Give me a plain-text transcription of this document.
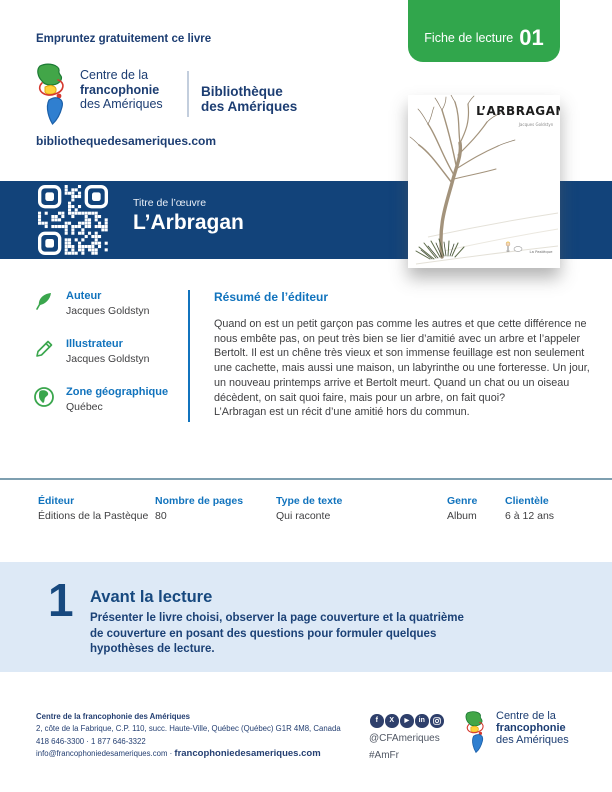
Empruntez gratuitement ce livre	Fiche de lecture 01
Centre de la
francophonie
des Amériques
Bibliothèque
des Amériques
bibliothequedesameriques.com
Titre de l’œuvre
L’Arbragan
L’ARBRAGAN
Jacques Goldstyn
La Pastèque
Auteur
Jacques Goldstyn
Illustrateur
Jacques Goldstyn
Zone géographique
Québec
Résumé de l’éditeur
Quand on est un petit garçon pas comme les autres et que cette différence ne nous embête pas, on peut très bien se lier d’amitié avec un arbre et l’appeler Bertolt. Il est un chêne très vieux et son immense feuillage est non seulement une cachette, mais aussi une maison, un labyrinthe ou une forteresse. Un jour, un nouveau printemps arrive et Bertolt meurt. Quand un chat ou un oiseau décèdent, on sait quoi faire, mais pour un arbre, on fait quoi?
L’Arbragan est un récit d’une amitié hors du commun.
Éditeur
Éditions de la Pastèque
Nombre de pages
80
Type de texte
Qui raconte
Genre
Album
Clientèle
6 à 12 ans
1 Avant la lecture
Présenter le livre choisi, observer la page couverture et la quatrième de couverture en posant des questions pour formuler quelques hypothèses de lecture.
Centre de la francophonie des Amériques
2, côte de la Fabrique, C.P. 110, succ. Haute-Ville, Québec (Québec) G1R 4M8, Canada
418 646-3300 · 1 877 646-3322
info@francophoniedesameriques.com · francophoniedesameriques.com
f	X	▶	in
@CFAmeriques
#AmFr
Centre de la
francophonie
des Amériques
